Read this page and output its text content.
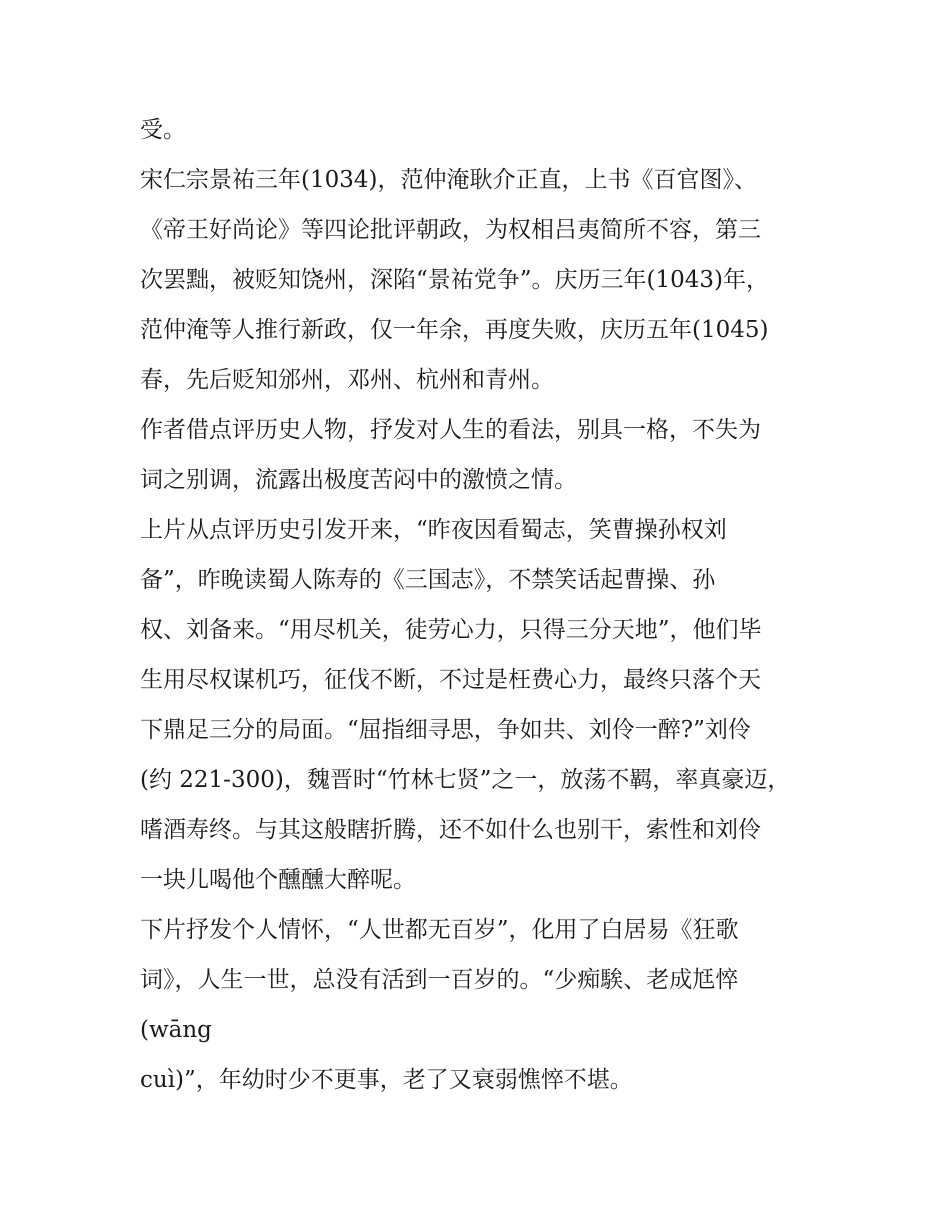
受。
宋仁宗景祐三年(1034)，范仲淹耿介正直，上书《百官图》、
《帝王好尚论》等四论批评朝政，为权相吕夷简所不容，第三
次罢黜，被贬知饶州，深陷“景祐党争”。庆历三年(1043)年，
范仲淹等人推行新政，仅一年余，再度失败，庆历五年(1045)
春，先后贬知邠州，邓州、杭州和青州。
作者借点评历史人物，抒发对人生的看法，别具一格，不失为
词之别调，流露出极度苦闷中的激愤之情。
上片从点评历史引发开来，“昨夜因看蜀志，笑曹操孙权刘
备”，昨晚读蜀人陈寿的《三国志》，不禁笑话起曹操、孙
权、刘备来。“用尽机关，徒劳心力，只得三分天地”，他们毕
生用尽权谋机巧，征伐不断，不过是枉费心力，最终只落个天
下鼎足三分的局面。“屈指细寻思，争如共、刘伶一醉?”刘伶
(约 221-300)，魏晋时“竹林七贤”之一，放荡不羁，率真豪迈，
嗜酒寿终。与其这般瞎折腾，还不如什么也别干，索性和刘伶
一块儿喝他个醺醺大醉呢。
下片抒发个人情怀，“人世都无百岁”，化用了白居易《狂歌
词》，人生一世，总没有活到一百岁的。“少痴騃、老成尪悴
(wāng
cuì)”，年幼时少不更事，老了又衰弱憔悴不堪。
